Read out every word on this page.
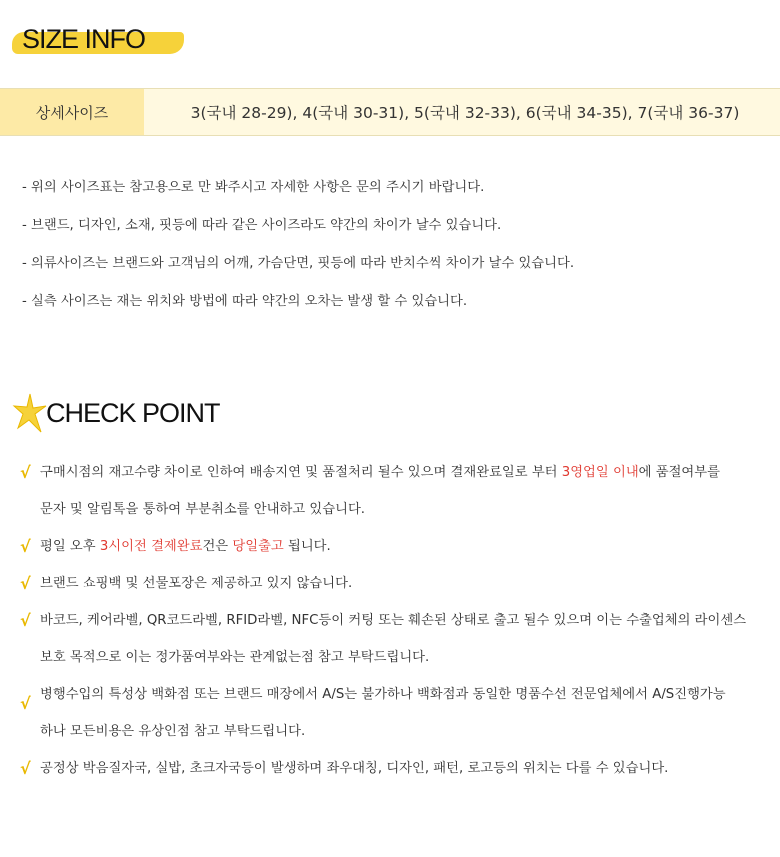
SIZE INFO
상세사이즈	3(국내 28-29), 4(국내 30-31), 5(국내 32-33), 6(국내 34-35), 7(국내 36-37)
- 위의 사이즈표는 참고용으로 만 봐주시고 자세한 사항은 문의 주시기 바랍니다.
- 브랜드, 디자인, 소재, 핏등에 따라 같은 사이즈라도 약간의 차이가 날수 있습니다.
- 의류사이즈는 브랜드와 고객님의 어깨, 가슴단면, 핏등에 따라 반치수씩 차이가 날수 있습니다.
- 실측 사이즈는 재는 위치와 방법에 따라 약간의 오차는 발생 할 수 있습니다.
CHECK POINT
√ 구매시점의 재고수량 차이로 인하여 배송지연 및 품절처리 될수 있으며 결재완료일로 부터 3영업일 이내에 품절여부를
문자 및 알림톡을 통하여 부분취소를 안내하고 있습니다.
√ 평일 오후 3시이전 결제완료건은 당일출고 됩니다.
√ 브랜드 쇼핑백 및 선물포장은 제공하고 있지 않습니다.
√ 바코드, 케어라벨, QR코드라벨, RFID라벨, NFC등이 커팅 또는 훼손된 상태로 출고 될수 있으며 이는 수출업체의 라이센스
보호 목적으로 이는 정가품여부와는 관계없는점 참고 부탁드립니다.
√ 병행수입의 특성상 백화점 또는 브랜드 매장에서 A/S는 불가하나 백화점과 동일한 명품수선 전문업체에서 A/S진행가능
하나 모든비용은 유상인점 참고 부탁드립니다.
√ 공정상 박음질자국, 실밥, 초크자국등이 발생하며 좌우대칭, 디자인, 패턴, 로고등의 위치는 다를 수 있습니다.
